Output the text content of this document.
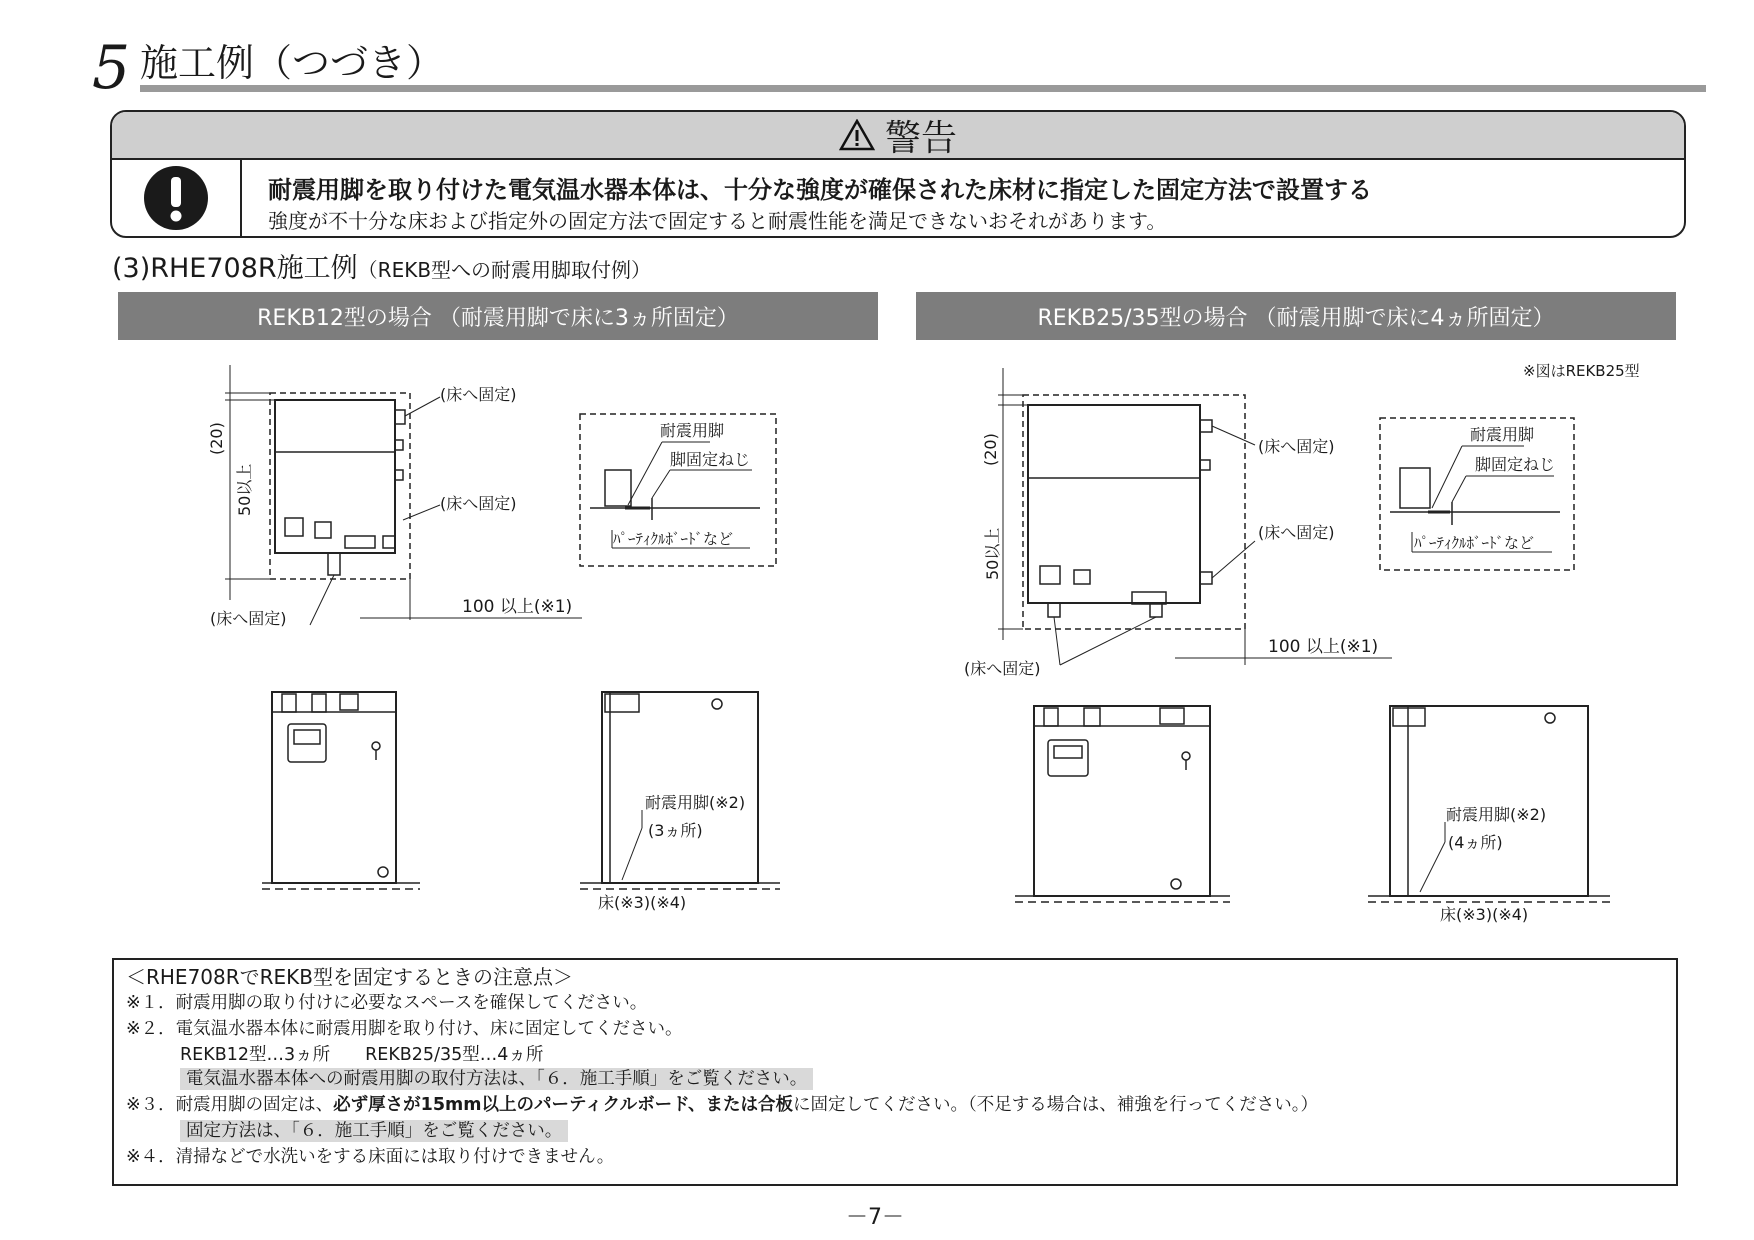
5 施工例（つづき）
警告
耐震用脚を取り付けた電気温水器本体は、十分な強度が確保された床材に指定した固定方法で設置する
強度が不十分な床および指定外の固定方法で固定すると耐震性能を満足できないおそれがあります。
(3)RHE708R施工例（REKB型への耐震用脚取付例）
REKB12型の場合 （耐震用脚で床に3ヵ所固定）	REKB25/35型の場合 （耐震用脚で床に4ヵ所固定）
※図はREKB25型
(床へ固定)
(床へ固定)
(床へ固定)
(20)
50以上
100 以上(※1)
耐震用脚
脚固定ねじ
ﾊﾟｰﾃｨｸﾙﾎﾞｰﾄﾞなど
耐震用脚(※2)
(3ヵ所)
床(※3)(※4)
(床へ固定)
(床へ固定)
(床へ固定)
(20)
50以上
100 以上(※1)
耐震用脚
脚固定ねじ
ﾊﾟｰﾃｨｸﾙﾎﾞｰﾄﾞなど
耐震用脚(※2)
(4ヵ所)
床(※3)(※4)
＜RHE708RでREKB型を固定するときの注意点＞
※１．耐震用脚の取り付けに必要なスペースを確保してください。
※２．電気温水器本体に耐震用脚を取り付け、床に固定してください。
REKB12型…3ヵ所　　REKB25/35型…4ヵ所
電気温水器本体への耐震用脚の取付方法は、「６．施工手順」をご覧ください。
※３．耐震用脚の固定は、必ず厚さが15mm以上のパーティクルボード、または合板に固定してください。（不足する場合は、補強を行ってください。）
固定方法は、「６．施工手順」をご覧ください。
※４．清掃などで水洗いをする床面には取り付けできません。
－7－
